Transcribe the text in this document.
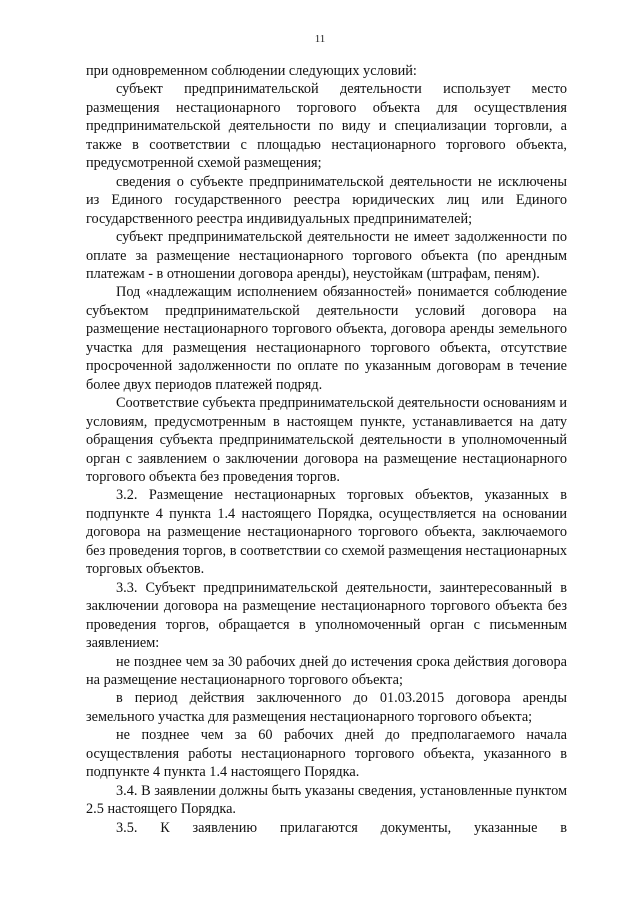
11

при одновременном соблюдении следующих условий:

субъект предпринимательской деятельности использует место размещения нестационарного торгового объекта для осуществления предпринимательской деятельности по виду и специализации торговли, а также в соответствии с площадью нестационарного торгового объекта, предусмотренной схемой размещения;

сведения о субъекте предпринимательской деятельности не исключены из Единого государственного реестра юридических лиц или Единого государственного реестра индивидуальных предпринимателей;

субъект предпринимательской деятельности не имеет задолженности по оплате за размещение нестационарного торгового объекта (по арендным платежам - в отношении договора аренды), неустойкам (штрафам, пеням).

Под «надлежащим исполнением обязанностей» понимается соблюдение субъектом предпринимательской деятельности условий договора на размещение нестационарного торгового объекта, договора аренды земельного участка для размещения нестационарного торгового объекта, отсутствие просроченной задолженности по оплате по указанным договорам в течение более двух периодов платежей подряд.

Соответствие субъекта предпринимательской деятельности основаниям и условиям, предусмотренным в настоящем пункте, устанавливается на дату обращения субъекта предпринимательской деятельности в уполномоченный орган с заявлением о заключении договора на размещение нестационарного торгового объекта без проведения торгов.

3.2. Размещение нестационарных торговых объектов, указанных в подпункте 4 пункта 1.4 настоящего Порядка, осуществляется на основании договора на размещение нестационарного торгового объекта, заключаемого без проведения торгов, в соответствии со схемой размещения нестационарных торговых объектов.

3.3. Субъект предпринимательской деятельности, заинтересованный в заключении договора на размещение нестационарного торгового объекта без проведения торгов, обращается в уполномоченный орган с письменным заявлением:

не позднее чем за 30 рабочих дней до истечения срока действия договора на размещение нестационарного торгового объекта;

в период действия заключенного до 01.03.2015 договора аренды земельного участка для размещения нестационарного торгового объекта;

не позднее чем за 60 рабочих дней до предполагаемого начала осуществления работы нестационарного торгового объекта, указанного в подпункте 4 пункта 1.4 настоящего Порядка.

3.4. В заявлении должны быть указаны сведения, установленные пунктом 2.5 настоящего Порядка.

3.5. К заявлению прилагаются документы, указанные в
